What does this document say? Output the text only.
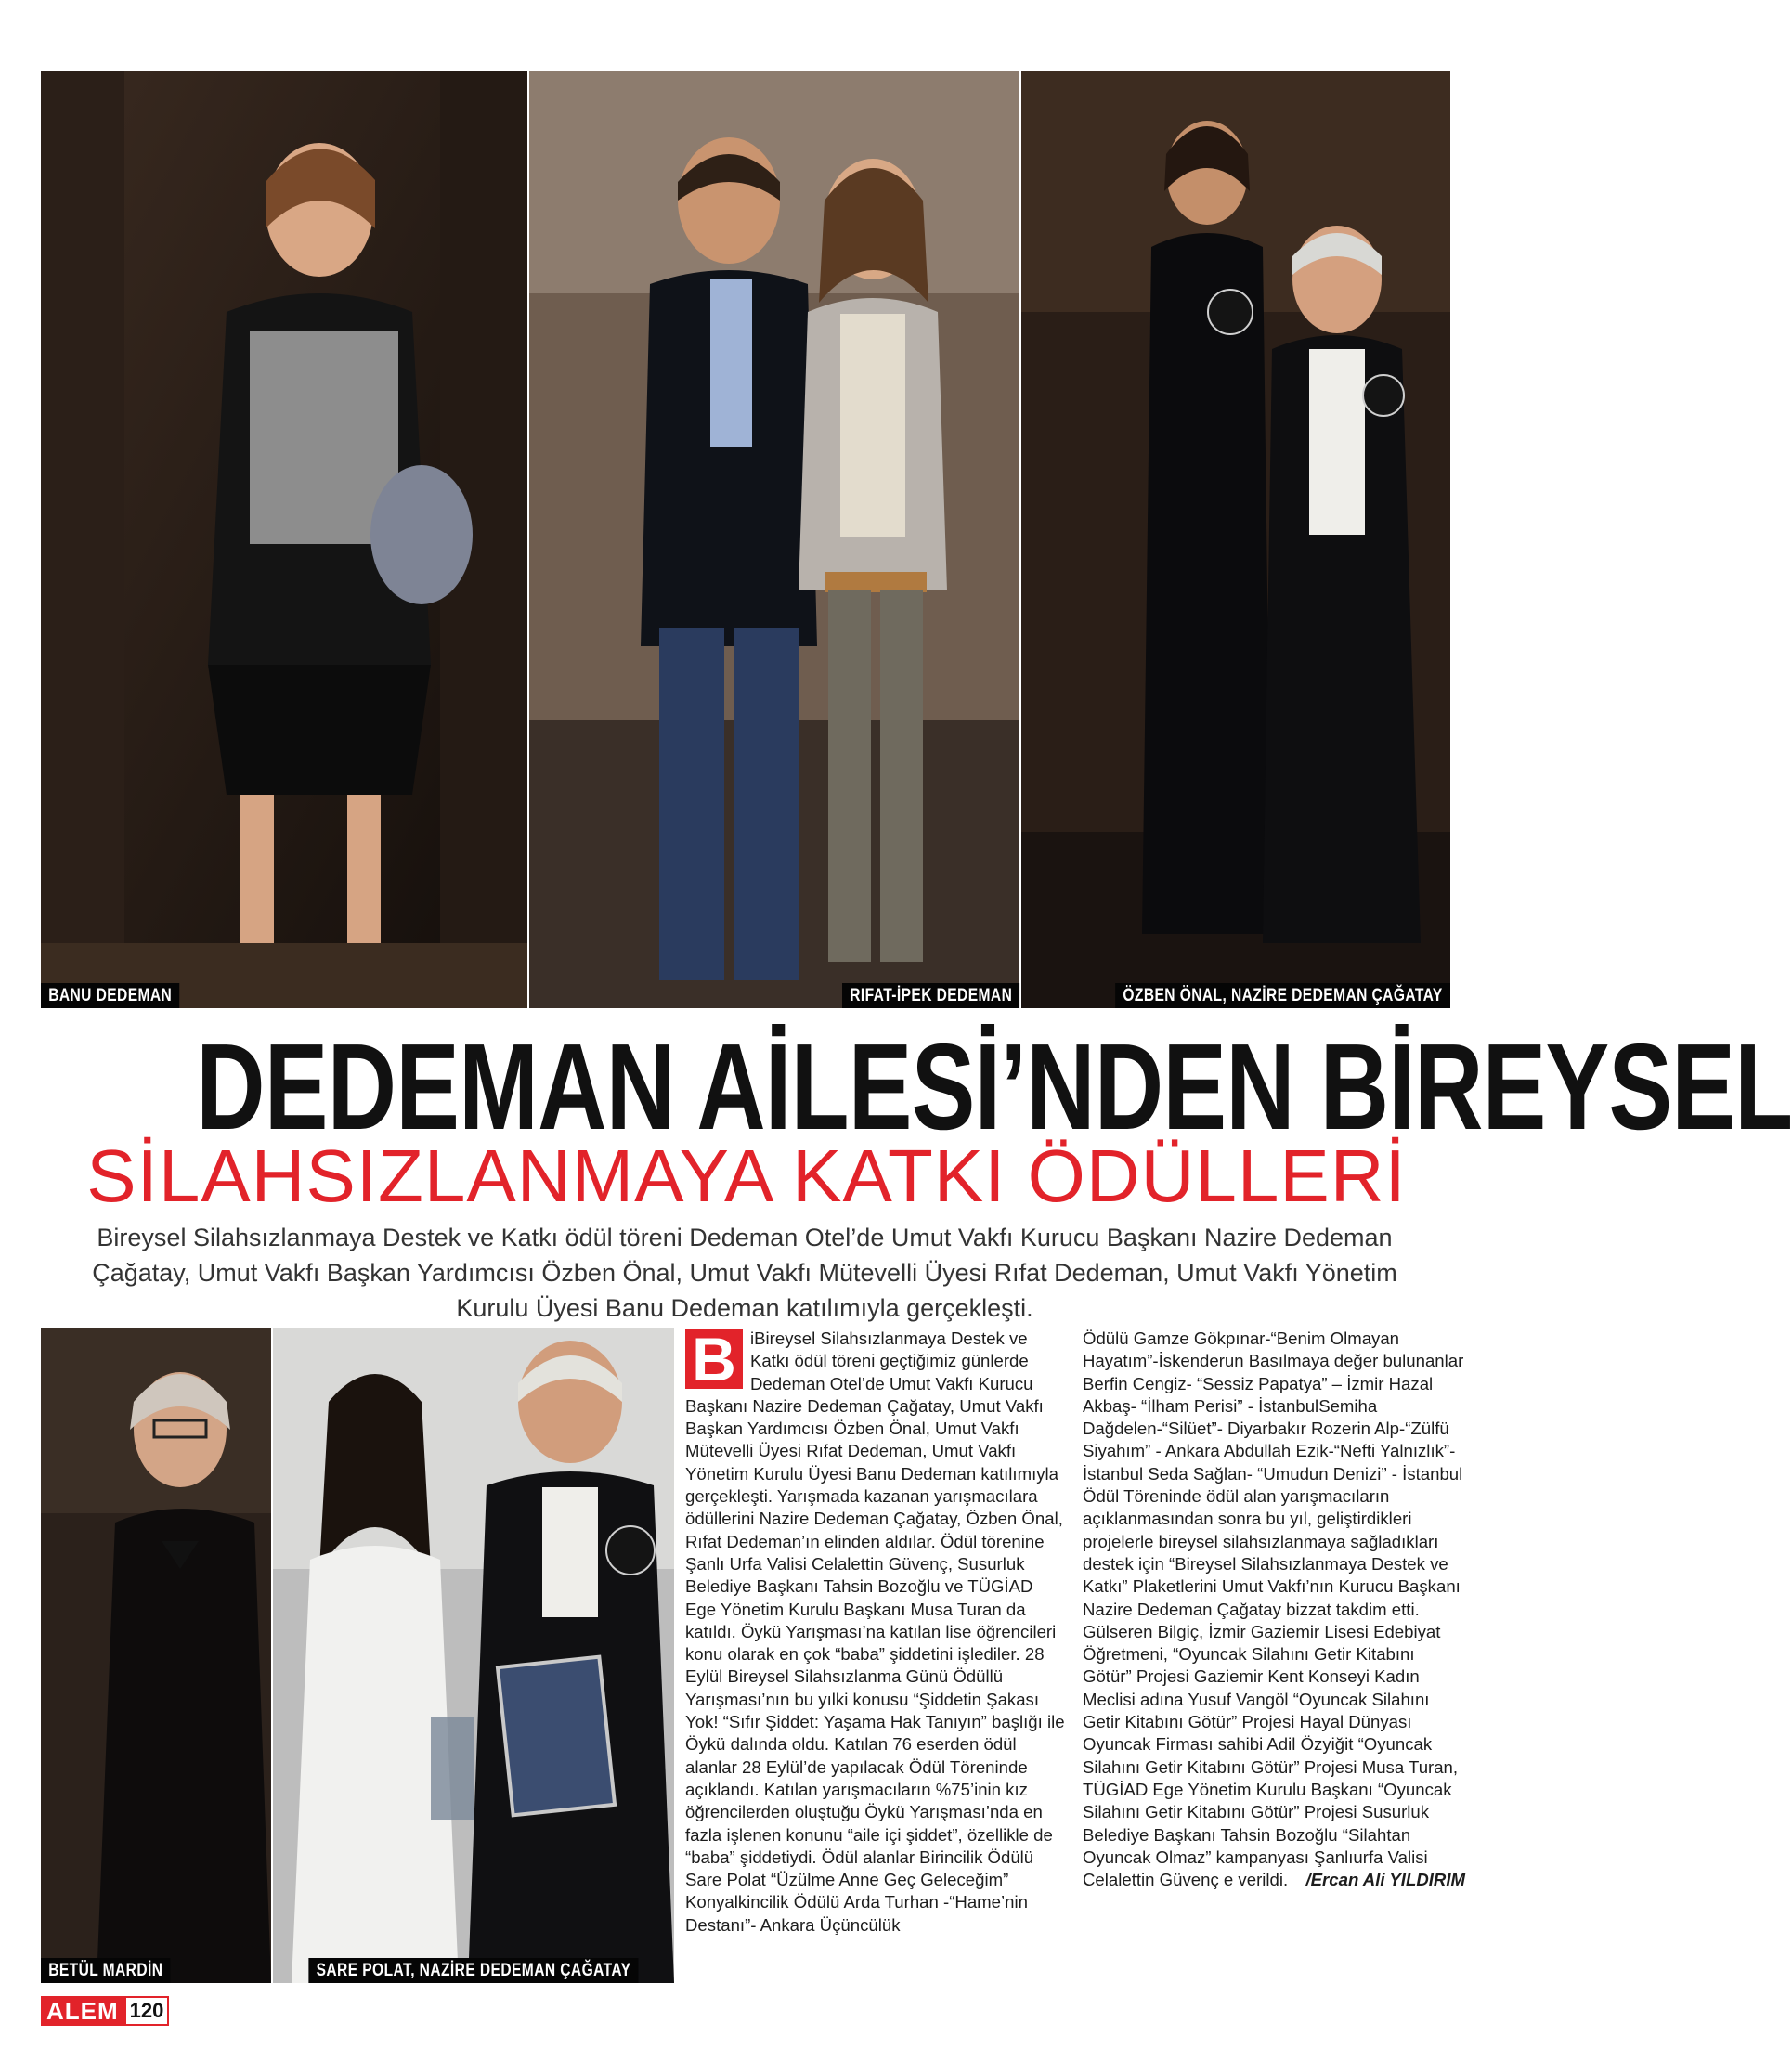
BANU DEDEMAN	RIFAT-İPEK DEDEMAN	ÖZBEN ÖNAL, NAZİRE DEDEMAN ÇAĞATAY
DEDEMAN AİLESİ’NDEN BİREYSEL
SİLAHSIZLANMAYA KATKI ÖDÜLLERİ
Bireysel Silahsızlanmaya Destek ve Katkı ödül töreni Dedeman Otel’de Umut Vakfı Kurucu Başkanı Nazire Dedeman Çağatay, Umut Vakfı Başkan Yardımcısı Özben Önal, Umut Vakfı Mütevelli Üyesi Rıfat Dedeman, Umut Vakfı Yönetim Kurulu Üyesi Banu Dedeman katılımıyla gerçekleşti.
BETÜL MARDİN	SARE POLAT, NAZİRE DEDEMAN ÇAĞATAY
B iBireysel Silahsızlanmaya Destek ve Katkı ödül töreni geçtiğimiz günlerde Dedeman Otel’de Umut Vakfı Kurucu Başkanı Nazire Dedeman Çağatay, Umut Vakfı Başkan Yardımcısı Özben Önal, Umut Vakfı Mütevelli Üyesi Rıfat Dedeman, Umut Vakfı Yönetim Kurulu Üyesi Banu Dedeman katılımıyla gerçekleşti. Yarışmada kazanan yarışmacılara ödüllerini Nazire Dedeman Çağatay, Özben Önal, Rıfat Dedeman’ın elinden aldılar. Ödül törenine Şanlı Urfa Valisi Celalettin Güvenç, Susurluk Belediye Başkanı Tahsin Bozoğlu ve TÜGİAD Ege Yönetim Kurulu Başkanı Musa Turan da katıldı. Öykü Yarışması’na katılan lise öğrencileri konu olarak en çok “baba” şiddetini işlediler. 28 Eylül Bireysel Silahsızlanma Günü Ödüllü Yarışması’nın bu yılki konusu “Şiddetin Şakası Yok! “Sıfır Şiddet: Yaşama Hak Tanıyın” başlığı ile Öykü dalında oldu. Katılan 76 eserden ödül alanlar 28 Eylül’de yapılacak Ödül Töreninde açıklandı. Katılan yarışmacıların %75’inin kız öğrencilerden oluştuğu Öykü Yarışması’nda en fazla işlenen konunu “aile içi şiddet”, özellikle de “baba” şiddetiydi. Ödül alanlar Birincilik Ödülü Sare Polat “Üzülme Anne Geç Geleceğim” Konyalkincilik Ödülü Arda Turhan -“Hame’nin Destanı”- Ankara Üçüncülük
Ödülü Gamze Gökpınar-“Benim Olmayan Hayatım”-İskenderun Basılmaya değer bulunanlar Berfin Cengiz- “Sessiz Papatya” – İzmir Hazal Akbaş- “İlham Perisi” - İstanbulSemiha Dağdelen-“Silüet”- Diyarbakır Rozerin Alp-“Zülfü Siyahım” - Ankara Abdullah Ezik-“Nefti Yalnızlık”- İstanbul Seda Sağlan- “Umudun Denizi” - İstanbul Ödül Töreninde ödül alan yarışmacıların açıklanmasından sonra bu yıl, geliştirdikleri projelerle bireysel silahsızlanmaya sağladıkları destek için “Bireysel Silahsızlanmaya Destek ve Katkı” Plaketlerini Umut Vakfı’nın Kurucu Başkanı Nazire Dedeman Çağatay bizzat takdim etti. Gülseren Bilgiç, İzmir Gaziemir Lisesi Edebiyat Öğretmeni, “Oyuncak Silahını Getir Kitabını Götür” Projesi Gaziemir Kent Konseyi Kadın Meclisi adına Yusuf Vangöl “Oyuncak Silahını Getir Kitabını Götür” Projesi Hayal Dünyası Oyuncak Firması sahibi Adil Özyiğit “Oyuncak Silahını Getir Kitabını Götür” Projesi Musa Turan, TÜGİAD Ege Yönetim Kurulu Başkanı “Oyuncak Silahını Getir Kitabını Götür” Projesi Susurluk Belediye Başkanı Tahsin Bozoğlu “Silahtan Oyuncak Olmaz” kampanyası Şanlıurfa Valisi Celalettin Güvenç e verildi. /Ercan Ali YILDIRIM
ALEM 120
